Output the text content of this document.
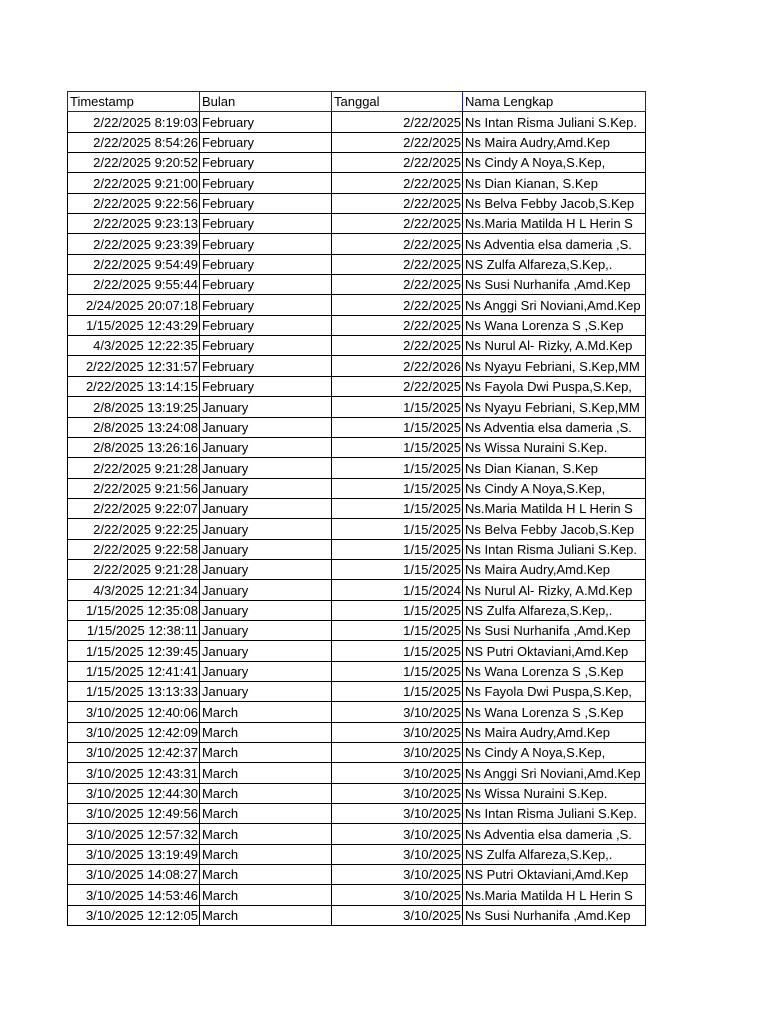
Timestamp	Bulan	Tanggal	Nama Lengkap
2/22/2025 8:19:03	February	2/22/2025	Ns Intan Risma Juliani S.Kep.
2/22/2025 8:54:26	February	2/22/2025	Ns Maira Audry,Amd.Kep
2/22/2025 9:20:52	February	2/22/2025	Ns Cindy A Noya,S.Kep,
2/22/2025 9:21:00	February	2/22/2025	Ns Dian Kianan, S.Kep
2/22/2025 9:22:56	February	2/22/2025	Ns Belva Febby Jacob,S.Kep
2/22/2025 9:23:13	February	2/22/2025	Ns.Maria Matilda H L Herin S
2/22/2025 9:23:39	February	2/22/2025	Ns Adventia elsa dameria ,S.
2/22/2025 9:54:49	February	2/22/2025	NS Zulfa Alfareza,S.Kep,.
2/22/2025 9:55:44	February	2/22/2025	Ns Susi Nurhanifa ,Amd.Kep
2/24/2025 20:07:18	February	2/22/2025	Ns Anggi Sri Noviani,Amd.Kep
1/15/2025 12:43:29	February	2/22/2025	Ns Wana Lorenza S ,S.Kep
4/3/2025 12:22:35	February	2/22/2025	Ns Nurul Al- Rizky, A.Md.Kep
2/22/2025 12:31:57	February	2/22/2026	Ns Nyayu Febriani, S.Kep,MM
2/22/2025 13:14:15	February	2/22/2025	Ns Fayola Dwi Puspa,S.Kep,
2/8/2025 13:19:25	January	1/15/2025	Ns Nyayu Febriani, S.Kep,MM
2/8/2025 13:24:08	January	1/15/2025	Ns Adventia elsa dameria ,S.
2/8/2025 13:26:16	January	1/15/2025	Ns Wissa Nuraini S.Kep.
2/22/2025 9:21:28	January	1/15/2025	Ns Dian Kianan, S.Kep
2/22/2025 9:21:56	January	1/15/2025	Ns Cindy A Noya,S.Kep,
2/22/2025 9:22:07	January	1/15/2025	Ns.Maria Matilda H L Herin S
2/22/2025 9:22:25	January	1/15/2025	Ns Belva Febby Jacob,S.Kep
2/22/2025 9:22:58	January	1/15/2025	Ns Intan Risma Juliani S.Kep.
2/22/2025 9:21:28	January	1/15/2025	Ns Maira Audry,Amd.Kep
4/3/2025 12:21:34	January	1/15/2024	Ns Nurul Al- Rizky, A.Md.Kep
1/15/2025 12:35:08	January	1/15/2025	NS Zulfa Alfareza,S.Kep,.
1/15/2025 12:38:11	January	1/15/2025	Ns Susi Nurhanifa ,Amd.Kep
1/15/2025 12:39:45	January	1/15/2025	NS Putri Oktaviani,Amd.Kep
1/15/2025 12:41:41	January	1/15/2025	Ns Wana Lorenza S ,S.Kep
1/15/2025 13:13:33	January	1/15/2025	Ns Fayola Dwi Puspa,S.Kep,
3/10/2025 12:40:06	March	3/10/2025	Ns Wana Lorenza S ,S.Kep
3/10/2025 12:42:09	March	3/10/2025	Ns Maira Audry,Amd.Kep
3/10/2025 12:42:37	March	3/10/2025	Ns Cindy A Noya,S.Kep,
3/10/2025 12:43:31	March	3/10/2025	Ns Anggi Sri Noviani,Amd.Kep
3/10/2025 12:44:30	March	3/10/2025	Ns Wissa Nuraini S.Kep.
3/10/2025 12:49:56	March	3/10/2025	Ns Intan Risma Juliani S.Kep.
3/10/2025 12:57:32	March	3/10/2025	Ns Adventia elsa dameria ,S.
3/10/2025 13:19:49	March	3/10/2025	NS Zulfa Alfareza,S.Kep,.
3/10/2025 14:08:27	March	3/10/2025	NS Putri Oktaviani,Amd.Kep
3/10/2025 14:53:46	March	3/10/2025	Ns.Maria Matilda H L Herin S
3/10/2025 12:12:05	March	3/10/2025	Ns Susi Nurhanifa ,Amd.Kep
